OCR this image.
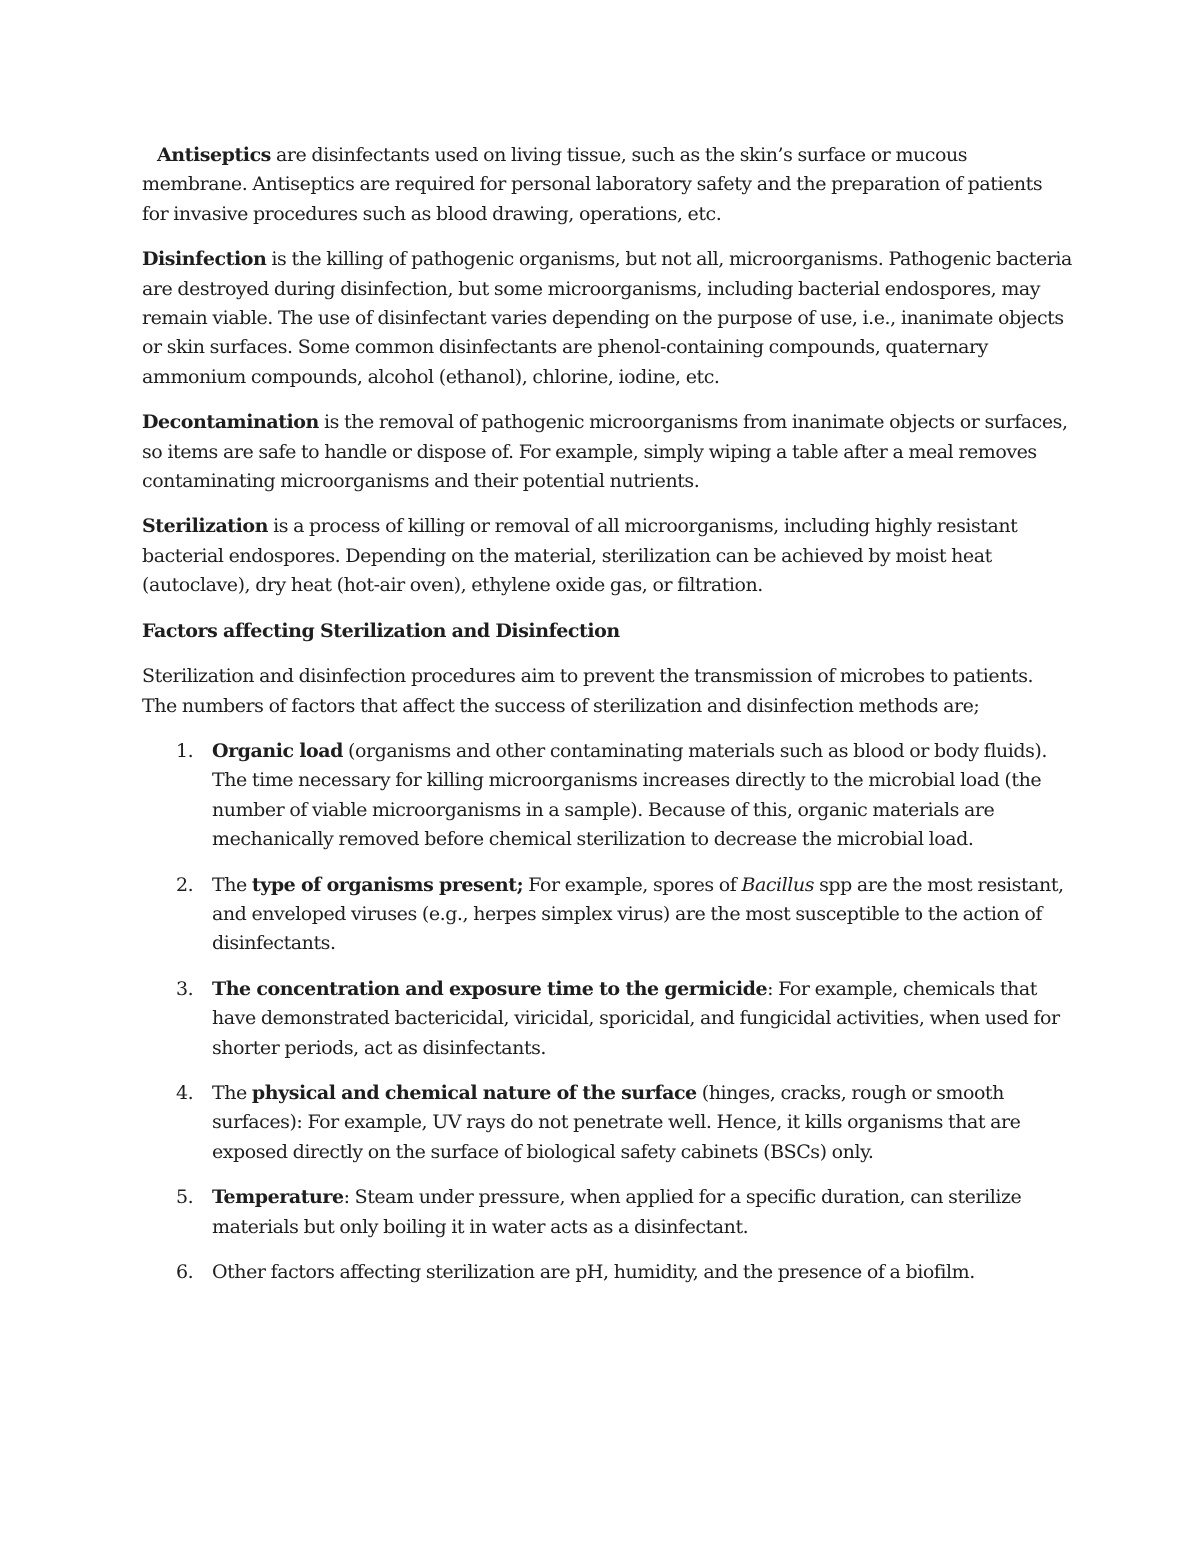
Antiseptics are disinfectants used on living tissue, such as the skin’s surface or mucous membrane. Antiseptics are required for personal laboratory safety and the preparation of patients for invasive procedures such as blood drawing, operations, etc.

Disinfection is the killing of pathogenic organisms, but not all, microorganisms. Pathogenic bacteria are destroyed during disinfection, but some microorganisms, including bacterial endospores, may remain viable. The use of disinfectant varies depending on the purpose of use, i.e., inanimate objects or skin surfaces. Some common disinfectants are phenol-containing compounds, quaternary ammonium compounds, alcohol (ethanol), chlorine, iodine, etc.

Decontamination is the removal of pathogenic microorganisms from inanimate objects or surfaces, so items are safe to handle or dispose of. For example, simply wiping a table after a meal removes contaminating microorganisms and their potential nutrients.

Sterilization is a process of killing or removal of all microorganisms, including highly resistant bacterial endospores. Depending on the material, sterilization can be achieved by moist heat (autoclave), dry heat (hot-air oven), ethylene oxide gas, or filtration.

Factors affecting Sterilization and Disinfection

Sterilization and disinfection procedures aim to prevent the transmission of microbes to patients. The numbers of factors that affect the success of sterilization and disinfection methods are;

1. Organic load (organisms and other contaminating materials such as blood or body fluids). The time necessary for killing microorganisms increases directly to the microbial load (the number of viable microorganisms in a sample). Because of this, organic materials are mechanically removed before chemical sterilization to decrease the microbial load.
2. The type of organisms present; For example, spores of Bacillus spp are the most resistant, and enveloped viruses (e.g., herpes simplex virus) are the most susceptible to the action of disinfectants.
3. The concentration and exposure time to the germicide: For example, chemicals that have demonstrated bactericidal, viricidal, sporicidal, and fungicidal activities, when used for shorter periods, act as disinfectants.
4. The physical and chemical nature of the surface (hinges, cracks, rough or smooth surfaces): For example, UV rays do not penetrate well. Hence, it kills organisms that are exposed directly on the surface of biological safety cabinets (BSCs) only.
5. Temperature: Steam under pressure, when applied for a specific duration, can sterilize materials but only boiling it in water acts as a disinfectant.
6. Other factors affecting sterilization are pH, humidity, and the presence of a biofilm.
